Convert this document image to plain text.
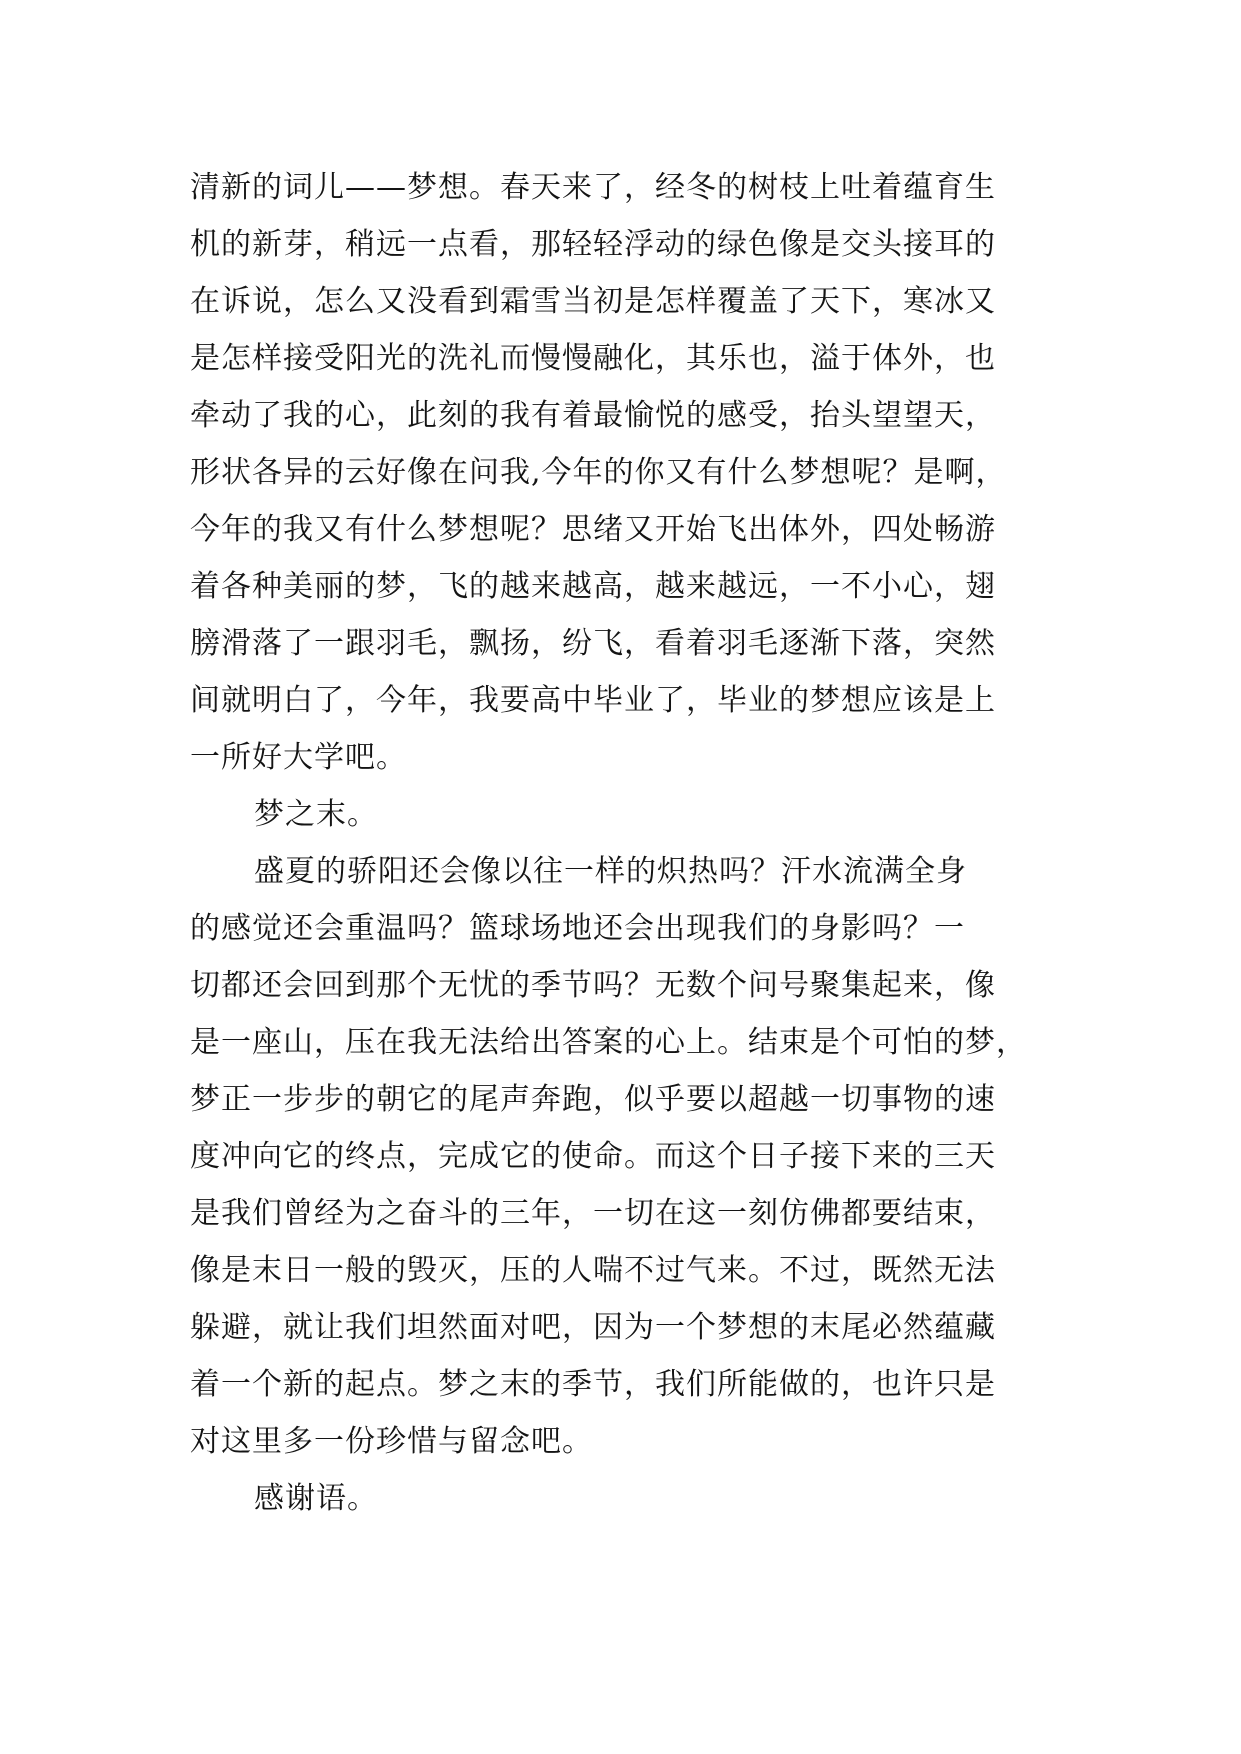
清新的词儿——梦想。春天来了，经冬的树枝上吐着蕴育生
机的新芽，稍远一点看，那轻轻浮动的绿色像是交头接耳的
在诉说，怎么又没看到霜雪当初是怎样覆盖了天下，寒冰又
是怎样接受阳光的洗礼而慢慢融化，其乐也，溢于体外，也
牵动了我的心，此刻的我有着最愉悦的感受，抬头望望天，
形状各异的云好像在问我,今年的你又有什么梦想呢？是啊，
今年的我又有什么梦想呢？思绪又开始飞出体外，四处畅游
着各种美丽的梦，飞的越来越高，越来越远，一不小心，翅
膀滑落了一跟羽毛，飘扬，纷飞，看着羽毛逐渐下落，突然
间就明白了，今年，我要高中毕业了，毕业的梦想应该是上
一所好大学吧。
梦之末。
盛夏的骄阳还会像以往一样的炽热吗？汗水流满全身
的感觉还会重温吗？篮球场地还会出现我们的身影吗？一
切都还会回到那个无忧的季节吗？无数个问号聚集起来，像
是一座山，压在我无法给出答案的心上。结束是个可怕的梦，
梦正一步步的朝它的尾声奔跑，似乎要以超越一切事物的速
度冲向它的终点，完成它的使命。而这个日子接下来的三天
是我们曾经为之奋斗的三年，一切在这一刻仿佛都要结束，
像是末日一般的毁灭，压的人喘不过气来。不过，既然无法
躲避，就让我们坦然面对吧，因为一个梦想的末尾必然蕴藏
着一个新的起点。梦之末的季节，我们所能做的，也许只是
对这里多一份珍惜与留念吧。
感谢语。
